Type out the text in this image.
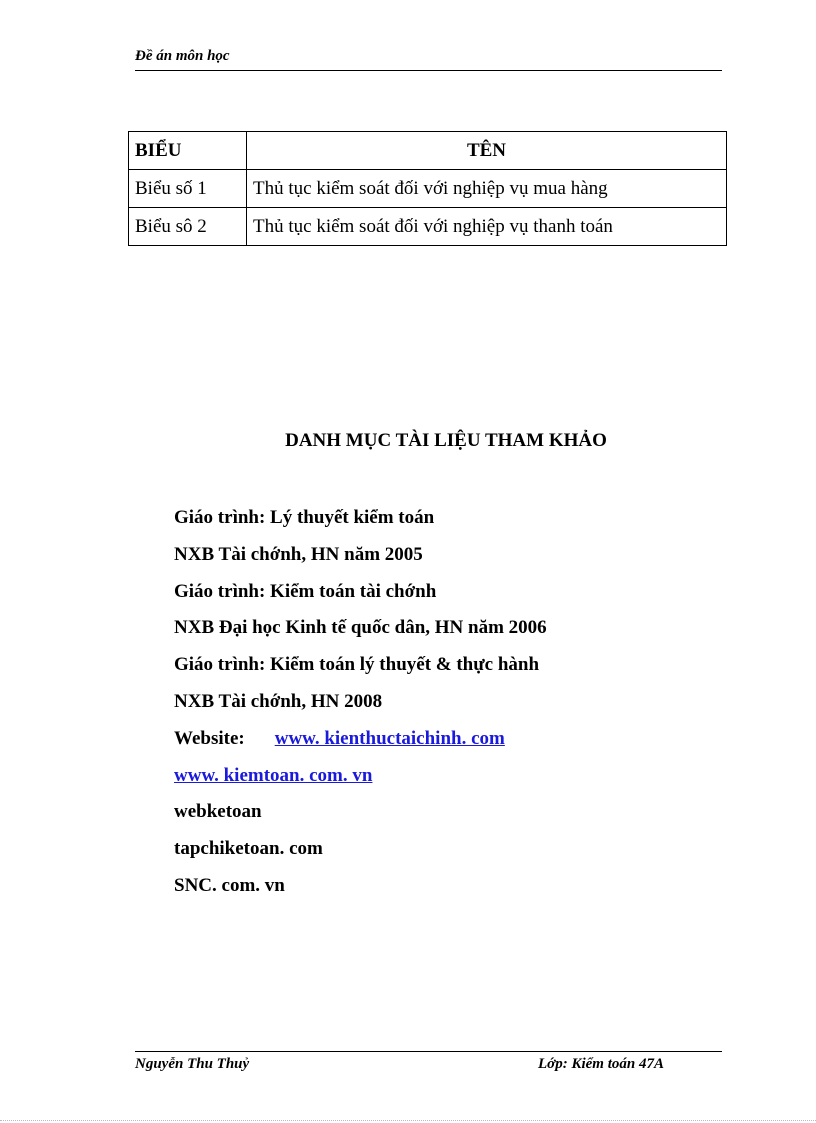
Đề án môn học
BIỂU	TÊN
Biểu số 1	Thủ tục kiểm soát đối với nghiệp vụ mua hàng
Biểu sô 2	Thủ tục kiểm soát đối với nghiệp vụ thanh toán
DANH MỤC TÀI LIỆU THAM KHẢO
Giáo trình: Lý thuyết kiểm toán
NXB Tài chớnh, HN năm 2005
Giáo trình: Kiểm toán tài chớnh
NXB Đại học Kinh tế quốc dân, HN năm 2006
Giáo trình: Kiểm toán lý thuyết & thực hành
NXB Tài chớnh, HN 2008
Website: www. kienthuctaichinh. com
www. kiemtoan. com. vn
webketoan
tapchiketoan. com
SNC. com. vn
Nguyễn Thu Thuỷ	Lớp: Kiểm toán 47A
